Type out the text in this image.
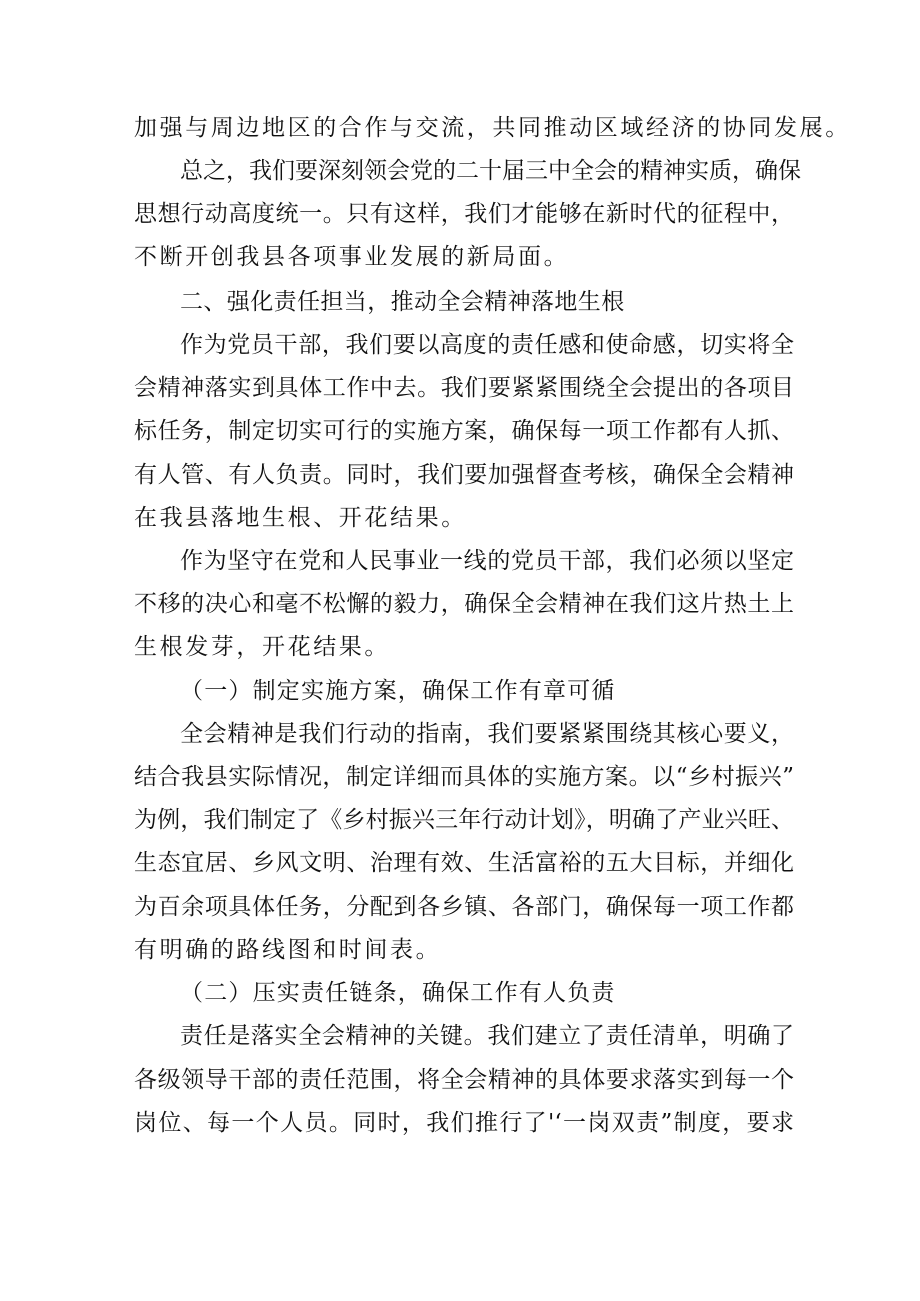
加强与周边地区的合作与交流，共同推动区域经济的协同发展。

总之，我们要深刻领会党的二十届三中全会的精神实质，确保

思想行动高度统一。只有这样，我们才能够在新时代的征程中，

不断开创我县各项事业发展的新局面。

二、强化责任担当，推动全会精神落地生根

作为党员干部，我们要以高度的责任感和使命感，切实将全

会精神落实到具体工作中去。我们要紧紧围绕全会提出的各项目

标任务，制定切实可行的实施方案，确保每一项工作都有人抓、

有人管、有人负责。同时，我们要加强督查考核，确保全会精神

在我县落地生根、开花结果。

作为坚守在党和人民事业一线的党员干部，我们必须以坚定

不移的决心和毫不松懈的毅力，确保全会精神在我们这片热土上

生根发芽，开花结果。

（一）制定实施方案，确保工作有章可循

全会精神是我们行动的指南，我们要紧紧围绕其核心要义，

结合我县实际情况，制定详细而具体的实施方案。以“乡村振兴”

为例，我们制定了《乡村振兴三年行动计划》，明确了产业兴旺、

生态宜居、乡风文明、治理有效、生活富裕的五大目标，并细化

为百余项具体任务，分配到各乡镇、各部门，确保每一项工作都

有明确的路线图和时间表。

（二）压实责任链条，确保工作有人负责

责任是落实全会精神的关键。我们建立了责任清单，明确了

各级领导干部的责任范围，将全会精神的具体要求落实到每一个

岗位、每一个人员。同时，我们推行了'‘一岗双责”制度，要求
